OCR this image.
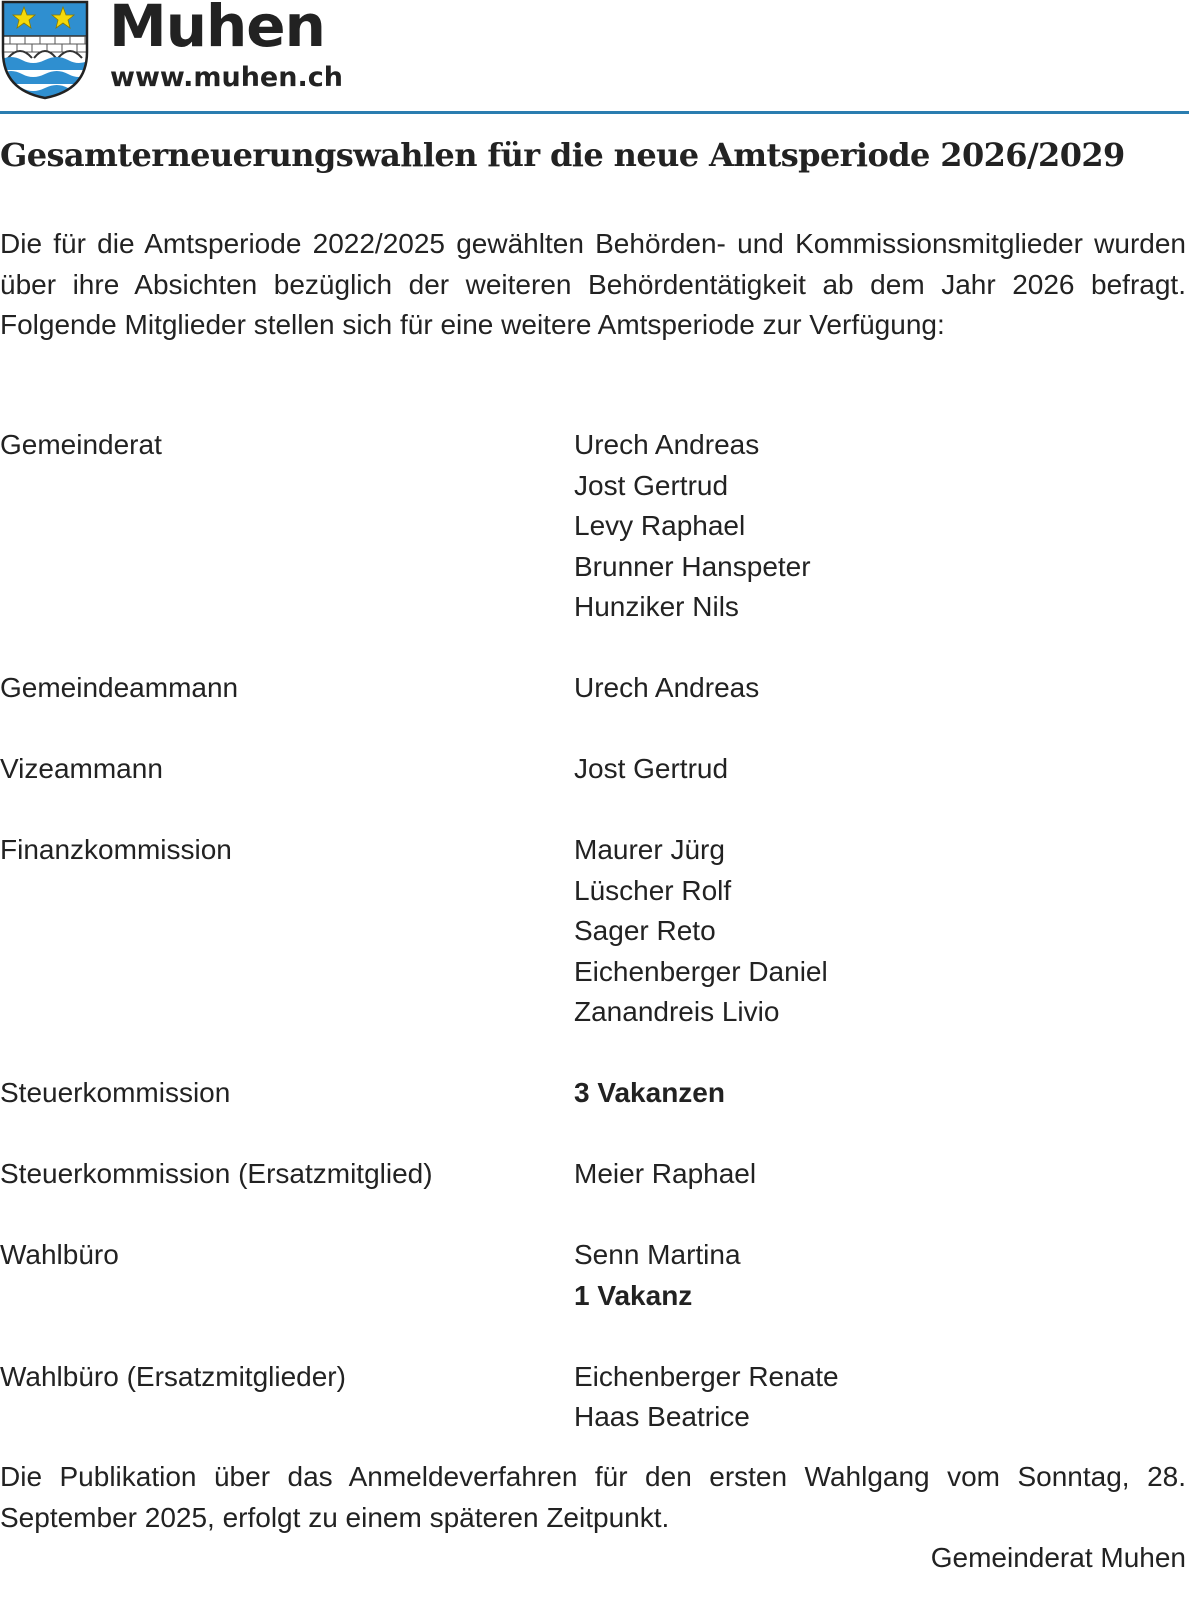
Muhen
www.muhen.ch
Gesamterneuerungswahlen für die neue Amtsperiode 2026/2029

Die für die Amtsperiode 2022/2025 gewählten Behörden- und Kommissionsmitglieder wurden über ihre Absichten bezüglich der weiteren Behördentätigkeit ab dem Jahr 2026 befragt. Folgende Mitglieder stellen sich für eine weitere Amtsperiode zur Verfügung:

Gemeinderat	Urech Andreas
Jost Gertrud
Levy Raphael
Brunner Hanspeter
Hunziker Nils
Gemeindeammann	Urech Andreas
Vizeammann	Jost Gertrud
Finanzkommission	Maurer Jürg
Lüscher Rolf
Sager Reto
Eichenberger Daniel
Zanandreis Livio
Steuerkommission	3 Vakanzen
Steuerkommission (Ersatzmitglied)	Meier Raphael
Wahlbüro	Senn Martina
1 Vakanz
Wahlbüro (Ersatzmitglieder)	Eichenberger Renate
Haas Beatrice

Die Publikation über das Anmeldeverfahren für den ersten Wahlgang vom Sonntag, 28. September 2025, erfolgt zu einem späteren Zeitpunkt.

Gemeinderat Muhen
